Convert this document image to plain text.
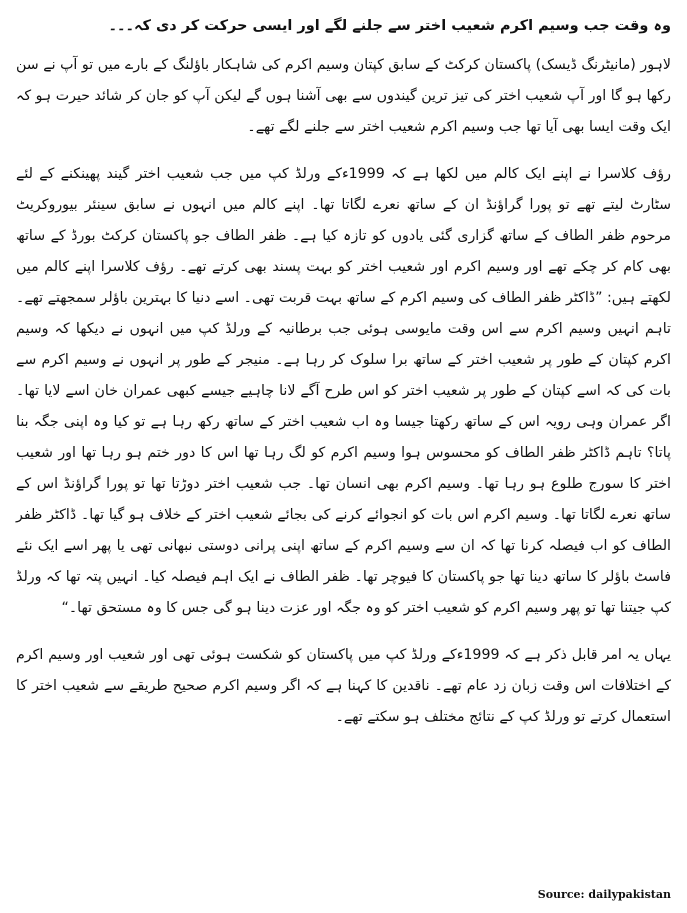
وہ وقت جب وسیم اکرم شعیب اختر سے جلنے لگے اور ایسی حرکت کر دی کہ۔۔۔

لاہور (مانیٹرنگ ڈیسک) پاکستان کرکٹ کے سابق کپتان وسیم اکرم کی شاہکار باﺅلنگ کے بارے میں تو آپ نے سن رکھا ہو گا اور آپ شعیب اختر کی تیز ترین گیندوں سے بھی آشنا ہوں گے لیکن آپ کو جان کر شائد حیرت ہو کہ ایک وقت ایسا بھی آیا تھا جب وسیم اکرم شعیب اختر سے جلنے لگے تھے۔

رﺅف کلاسرا نے اپنے ایک کالم میں لکھا ہے کہ 1999ءکے ورلڈ کپ میں جب شعیب اختر گیند پھینکنے کے لئے سٹارٹ لیتے تھے تو پورا گراﺅنڈ ان کے ساتھ نعرے لگاتا تھا۔ اپنے کالم میں انہوں نے سابق سینئر بیوروکریٹ مرحوم ظفر الطاف کے ساتھ گزاری گئی یادوں کو تازہ کیا ہے۔ ظفر الطاف جو پاکستان کرکٹ بورڈ کے ساتھ بھی کام کر چکے تھے اور وسیم اکرم اور شعیب اختر کو بہت پسند بھی کرتے تھے۔ رﺅف کلاسرا اپنے کالم میں لکھتے ہیں: ”ڈاکٹر ظفر الطاف کی وسیم اکرم کے ساتھ بہت قربت تھی۔ اسے دنیا کا بہترین باﺅلر سمجھتے تھے۔ تاہم انہیں وسیم اکرم سے اس وقت مایوسی ہوئی جب برطانیہ کے ورلڈ کپ میں انہوں نے دیکھا کہ وسیم اکرم کپتان کے طور پر شعیب اختر کے ساتھ برا سلوک کر رہا ہے۔ منیجر کے طور پر انہوں نے وسیم اکرم سے بات کی کہ اسے کپتان کے طور پر شعیب اختر کو اس طرح آگے لانا چاہیے جیسے کبھی عمران خان اسے لایا تھا۔ اگر عمران وہی رویہ اس کے ساتھ رکھتا جیسا وہ اب شعیب اختر کے ساتھ رکھ رہا ہے تو کیا وہ اپنی جگہ بنا پاتا؟ تاہم ڈاکٹر ظفر الطاف کو محسوس ہوا وسیم اکرم کو لگ رہا تھا اس کا دور ختم ہو رہا تھا اور شعیب اختر کا سورج طلوع ہو رہا تھا۔ وسیم اکرم بھی انسان تھا۔ جب شعیب اختر دوڑتا تھا تو پورا گراﺅنڈ اس کے ساتھ نعرے لگاتا تھا۔ وسیم اکرم اس بات کو انجوائے کرنے کی بجائے شعیب اختر کے خلاف ہو گیا تھا۔ ڈاکٹر ظفر الطاف کو اب فیصلہ کرنا تھا کہ ان سے وسیم اکرم کے ساتھ اپنی پرانی دوستی نبھانی تھی یا پھر اسے ایک نئے فاسٹ باﺅلر کا ساتھ دینا تھا جو پاکستان کا فیوچر تھا۔ ظفر الطاف نے ایک اہم فیصلہ کیا۔ انہیں پتہ تھا کہ ورلڈ کپ جیتنا تھا تو پھر وسیم اکرم کو شعیب اختر کو وہ جگہ اور عزت دینا ہو گی جس کا وہ مستحق تھا۔“

یہاں یہ امر قابل ذکر ہے کہ 1999ءکے ورلڈ کپ میں پاکستان کو شکست ہوئی تھی اور شعیب اور وسیم اکرم کے اختلافات اس وقت زبان زد عام تھے۔ ناقدین کا کہنا ہے کہ اگر وسیم اکرم صحیح طریقے سے شعیب اختر کا استعمال کرتے تو ورلڈ کپ کے نتائج مختلف ہو سکتے تھے۔

Source: dailypakistan
